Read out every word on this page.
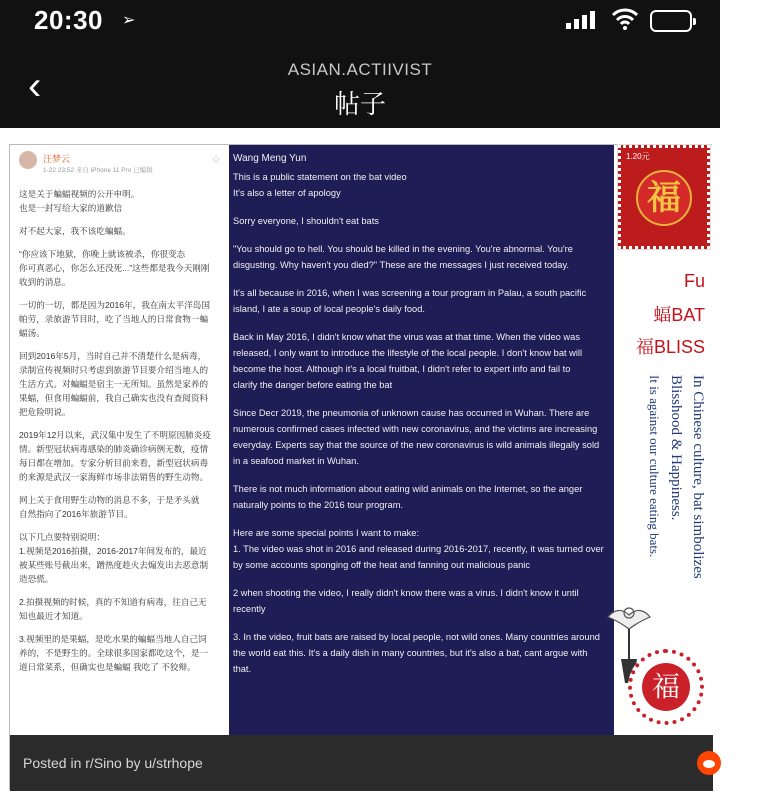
20:30 ➢
‹	ASIAN.ACTIIVIST
帖子
汪梦云
1-22 23:52 来自 iPhone 11 Pro 已编辑
☆
这是关于蝙蝠视频的公开申明。
也是一封写给大家的道歉信
对不起大家，我不该吃蝙蝠。
“你应该下地狱，你晚上就该被杀，你很变态
你可真恶心，你怎么还没死...”这些都是我今天刚刚
收到的消息。
一切的一切，都是因为2016年，我在南太平洋岛国
帕劳，录旅游节目时，吃了当地人的日常食物一蝙
蝠汤。
回到2016年5月，当时自己并不清楚什么是病毒，
录制宣传视频时只考虑到旅游节目要介绍当地人的
生活方式。对蝙蝠是宿主一无所知。虽然是家养的
果蝠，但食用蝙蝠前，我自己确实也没有查阅资料
把危险明说。
2019年12月以来，武汉集中发生了不明原因肺炎疫
情。新型冠状病毒感染的肺炎确诊病例无数，疫情
每日都在增加。专家分析目前来看，新型冠状病毒
的来源是武汉一家海鲜市场非法销售的野生动物。
网上关于食用野生动物的消息不多，于是矛头就
自然指向了2016年旅游节目。
以下几点要特别说明：
1.视频是2016拍摄，2016-2017年间发布的，最近
被某些账号截出来，蹭热度趁火去煽发出去恶意制
造恐慌。
2.拍摄视频的时候，真的不知道有病毒，往自己无
知也最近才知道。
3.视频里的是果蝠，是吃水果的蝙蝠当地人自己饲
养的，不是野生的。全球很多国家都吃这个，是一
道日常菜系，但确实也是蝙蝠 我吃了 不狡辩。
Wang Meng Yun
This is a public statement on the bat video
It's also a letter of apology
Sorry everyone, I shouldn't eat bats
"You should go to hell. You should be killed in the evening. You're abnormal. You're
disgusting. Why haven't you died?" These are the messages I just received today.
It's all because in 2016, when I was screening a tour program in Palau, a south pacific
island, I ate a soup of local people's daily food.
Back in May 2016, I didn't know what the virus was at that time. When the video was
released, I only want to introduce the lifestyle of the local people. I don't know bat will
become the host. Although it's a local fruitbat, I didn't refer to expert info and fail to
clarify the danger before eating the bat
Since Decr 2019, the pneumonia of unknown cause has occurred in Wuhan. There are
numerous confirmed cases infected with new coronavirus, and the victims are increasing
everyday. Experts say that the source of the new coronavirus is wild animals illegally sold
in a seafood market in Wuhan.
There is not much information about eating wild animals on the Internet, so the anger
naturally points to the 2016 tour program.
Here are some special points I want to make:
1. The video was shot in 2016 and released during 2016-2017, recently, it was turned over
by some accounts sponging off the heat and fanning out malicious panic
2 when shooting the video, I really didn't know there was a virus. I didn't know it until
recently
3. In the video, fruit bats are raised by local people, not wild ones. Many countries around
the world eat this. It's a daily dish in many countries, but it's also a bat, cant argue with
that.
1.20元
福
Fu
蝠BAT
福BLISS
In Chinese culture, bat simbolizes
Blisshood & Happiness.
It is against our culture eating bats.
福
Posted in r/Sino by u/strhope	reddit
